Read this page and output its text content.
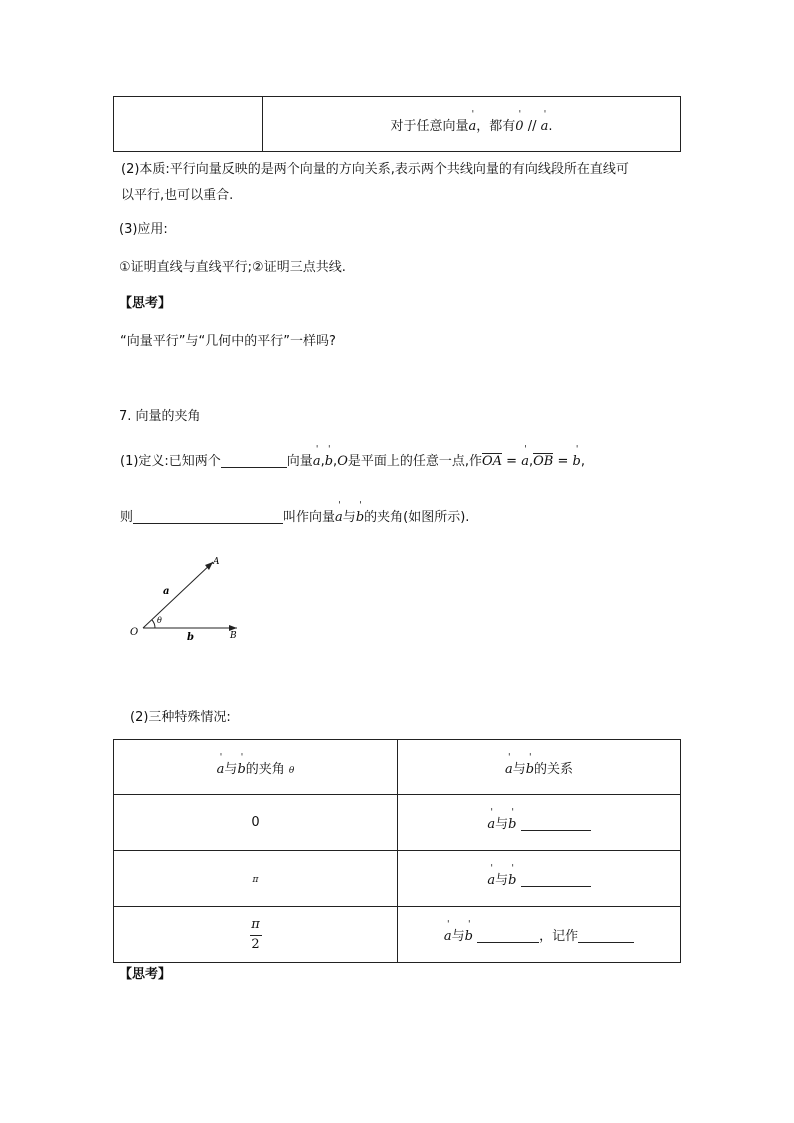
	对于任意向量' a，都有' 0 // ' a.
(2)本质:平行向量反映的是两个向量的方向关系,表示两个共线向量的有向线段所在直线可
以平行,也可以重合.
(3)应用:
①证明直线与直线平行;②证明三点共线.
【思考】
“向量平行”与“几何中的平行”一样吗?
7. 向量的夹角
(1)定义:已知两个	向量' a,' b,O是平面上的任意一点,作OA = ' a,OB = ' b,
则	叫作向量' a与' b的夹角(如图所示).
A
B
O
a
b
θ
(2)三种特殊情况:
' a与' b的夹角 θ	' a与' b的关系
0	' a与' b
π	' a与' b

$\frac{\pi}{2}$	' a与' b ，记作
【思考】
